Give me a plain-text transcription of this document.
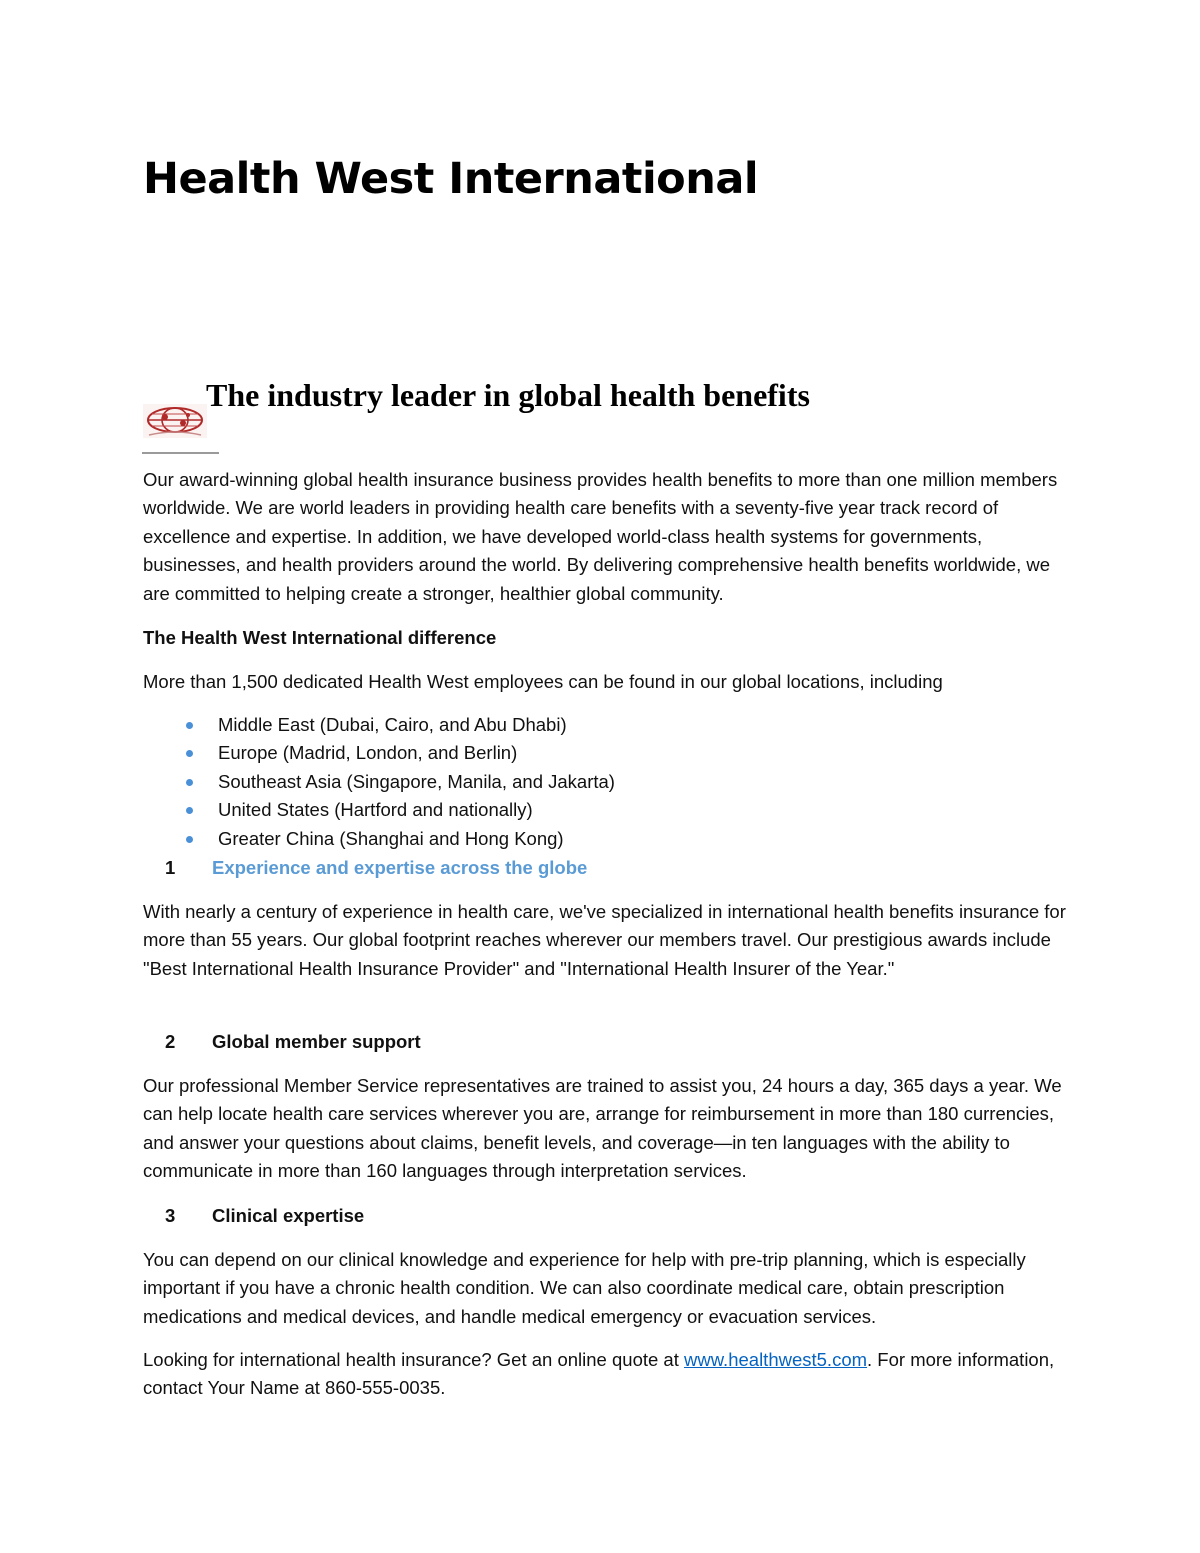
Health West International
The industry leader in global health benefits

Our award-winning global health insurance business provides health benefits to more than one million members worldwide. We are world leaders in providing health care benefits with a seventy-five year track record of excellence and expertise. In addition, we have developed world-class health systems for governments, businesses, and health providers around the world. By delivering comprehensive health benefits worldwide, we are committed to helping create a stronger, healthier global community.

The Health West International difference

More than 1,500 dedicated Health West employees can be found in our global locations, including

Middle East (Dubai, Cairo, and Abu Dhabi)
Europe (Madrid, London, and Berlin)
Southeast Asia (Singapore, Manila, and Jakarta)
United States (Hartford and nationally)
Greater China (Shanghai and Hong Kong)
1 Experience and expertise across the globe

With nearly a century of experience in health care, we've specialized in international health benefits insurance for more than 55 years. Our global footprint reaches wherever our members travel. Our prestigious awards include "Best International Health Insurance Provider" and "International Health Insurer of the Year."

2 Global member support

Our professional Member Service representatives are trained to assist you, 24 hours a day, 365 days a year. We can help locate health care services wherever you are, arrange for reimbursement in more than 180 currencies, and answer your questions about claims, benefit levels, and coverage—in ten languages with the ability to communicate in more than 160 languages through interpretation services.

3 Clinical expertise

You can depend on our clinical knowledge and experience for help with pre-trip planning, which is especially important if you have a chronic health condition. We can also coordinate medical care, obtain prescription medications and medical devices, and handle medical emergency or evacuation services.

Looking for international health insurance? Get an online quote at www.healthwest5.com. For more information, contact Your Name at 860-555-0035.
